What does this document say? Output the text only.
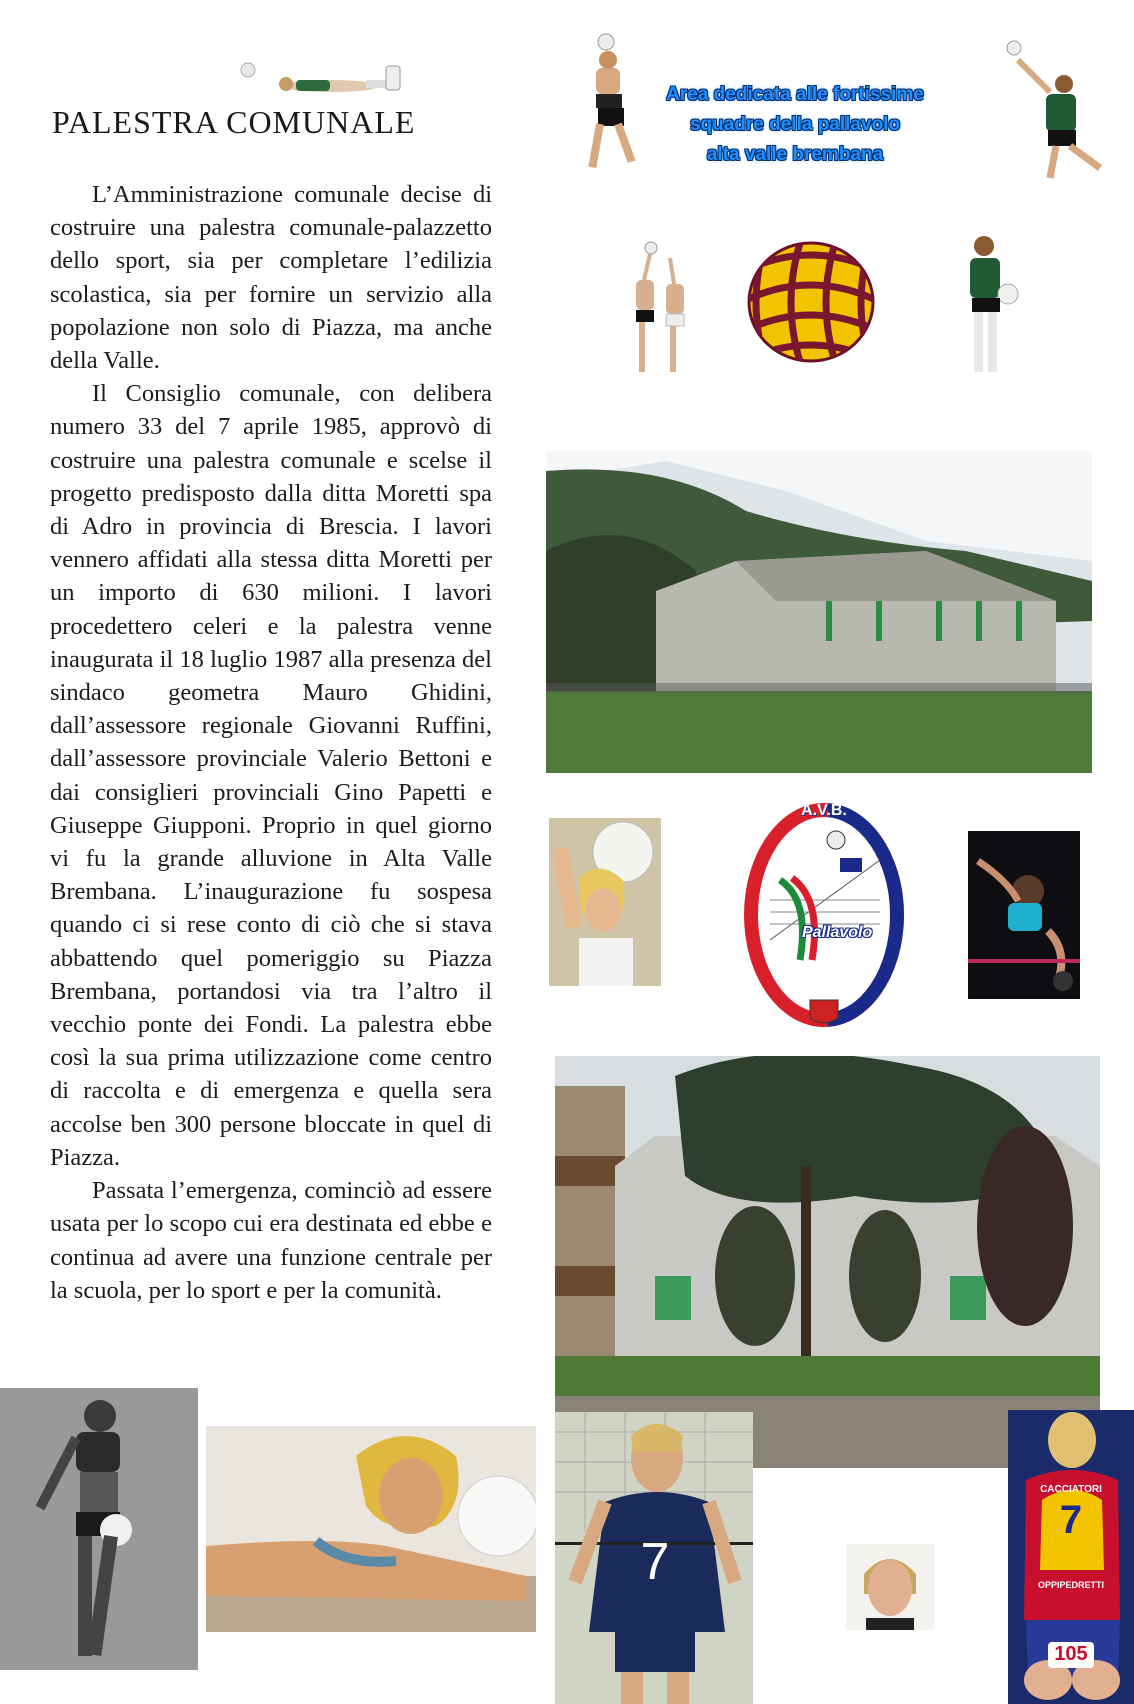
PALESTRA COMUNALE

L’Amministrazione comunale decise di costruire una palestra comunale-palazzetto dello sport, sia per completare l’edilizia scolastica, sia per fornire un servizio alla popolazione non solo di Piazza, ma anche della Valle.

Il Consiglio comunale, con delibera numero 33 del 7 aprile 1985, approvò di costruire una palestra comunale e scelse il progetto predisposto dalla ditta Moretti spa di Adro in provincia di Brescia. I lavori vennero affidati alla stessa ditta Moretti per un importo di 630 milioni. I lavori procedettero celeri e la palestra venne inaugurata il 18 luglio 1987 alla presenza del sindaco geometra Mauro Ghidini, dall’assessore regionale Giovanni Ruffini, dall’assessore provinciale Valerio Bettoni e dai consiglieri provinciali Gino Papetti e Giuseppe Giupponi. Proprio in quel giorno vi fu la grande alluvione in Alta Valle Brembana. L’inaugurazione fu sospesa quando ci si rese conto di ciò che si stava abbattendo quel pomeriggio su Piazza Brembana, portandosi via tra l’altro il vecchio ponte dei Fondi. La palestra ebbe così la sua prima utilizzazione come centro di raccolta e di emergenza e quella sera accolse ben 300 persone bloccate in quel di Piazza.

Passata l’emergenza, cominciò ad essere usata per lo scopo cui era destinata ed ebbe e continua ad avere una funzione centrale per la scuola, per lo sport e per la comunità.

Area dedicata alle fortissime
squadre della pallavolo
alta valle brembana
A.V.B.
Pallavolo
7
CACCIATORI
7
OPPIPEDRETTI
105
